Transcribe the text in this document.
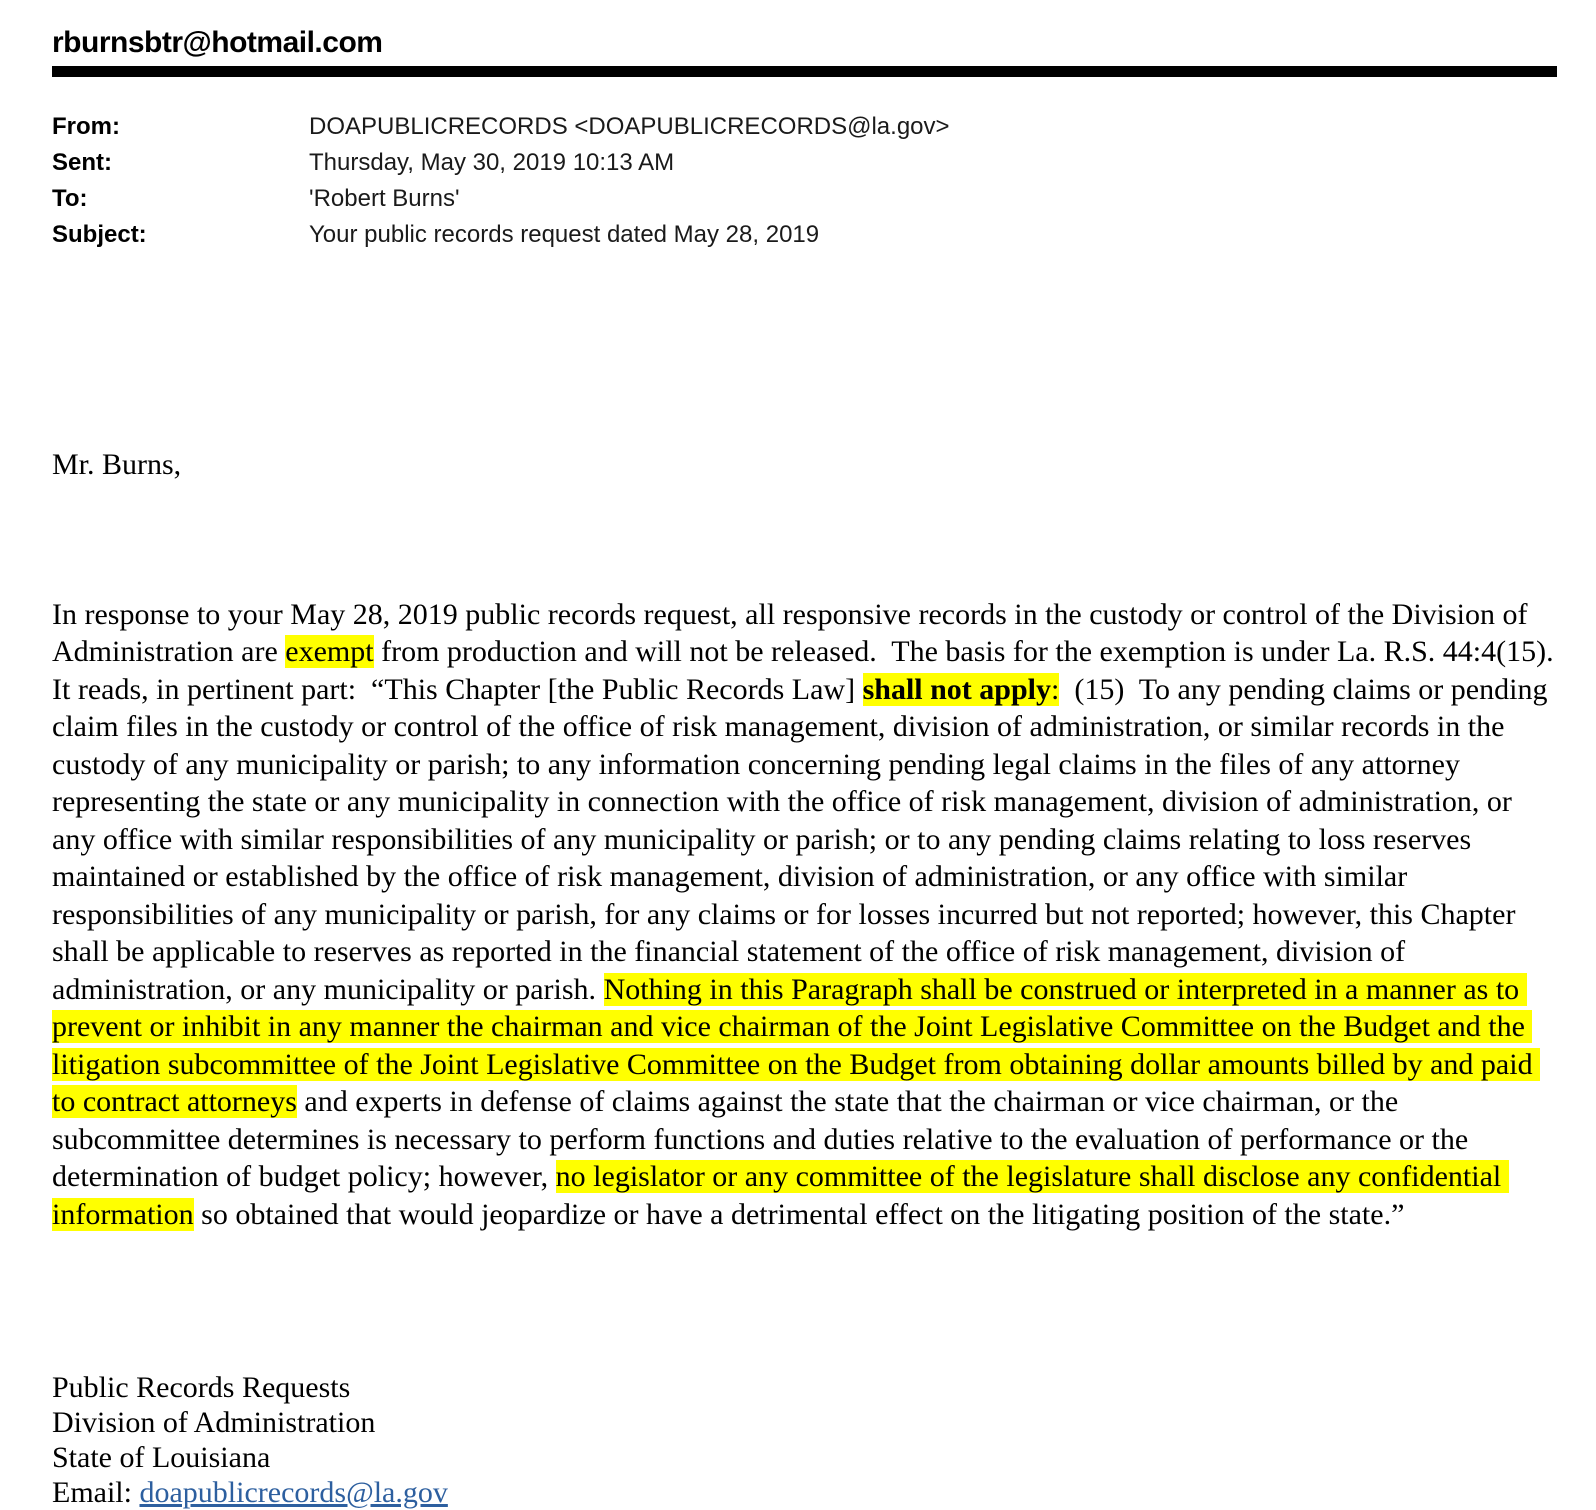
rburnsbtr@hotmail.com
From:	DOAPUBLICRECORDS <DOAPUBLICRECORDS@la.gov>
Sent:	Thursday, May 30, 2019 10:13 AM
To:	'Robert Burns'
Subject:	Your public records request dated May 28, 2019

Mr. Burns,

In response to your May 28, 2019 public records request, all responsive records in the custody or control of the Division of Administration are exempt from production and will not be released.  The basis for the exemption is under La. R.S. 44:4(15).  It reads, in pertinent part:  “This Chapter [the Public Records Law] shall not apply:  (15)  To any pending claims or pending claim files in the custody or control of the office of risk management, division of administration, or similar records in the custody of any municipality or parish; to any information concerning pending legal claims in the files of any attorney representing the state or any municipality in connection with the office of risk management, division of administration, or any office with similar responsibilities of any municipality or parish; or to any pending claims relating to loss reserves maintained or established by the office of risk management, division of administration, or any office with similar responsibilities of any municipality or parish, for any claims or for losses incurred but not reported; however, this Chapter shall be applicable to reserves as reported in the financial statement of the office of risk management, division of administration, or any municipality or parish. Nothing in this Paragraph shall be construed or interpreted in a manner as to prevent or inhibit in any manner the chairman and vice chairman of the Joint Legislative Committee on the Budget and the litigation subcommittee of the Joint Legislative Committee on the Budget from obtaining dollar amounts billed by and paid to contract attorneys and experts in defense of claims against the state that the chairman or vice chairman, or the subcommittee determines is necessary to perform functions and duties relative to the evaluation of performance or the determination of budget policy; however, no legislator or any committee of the legislature shall disclose any confidential information so obtained that would jeopardize or have a detrimental effect on the litigating position of the state.”

Public Records Requests

Division of Administration

State of Louisiana

Email: doapublicrecords@la.gov
